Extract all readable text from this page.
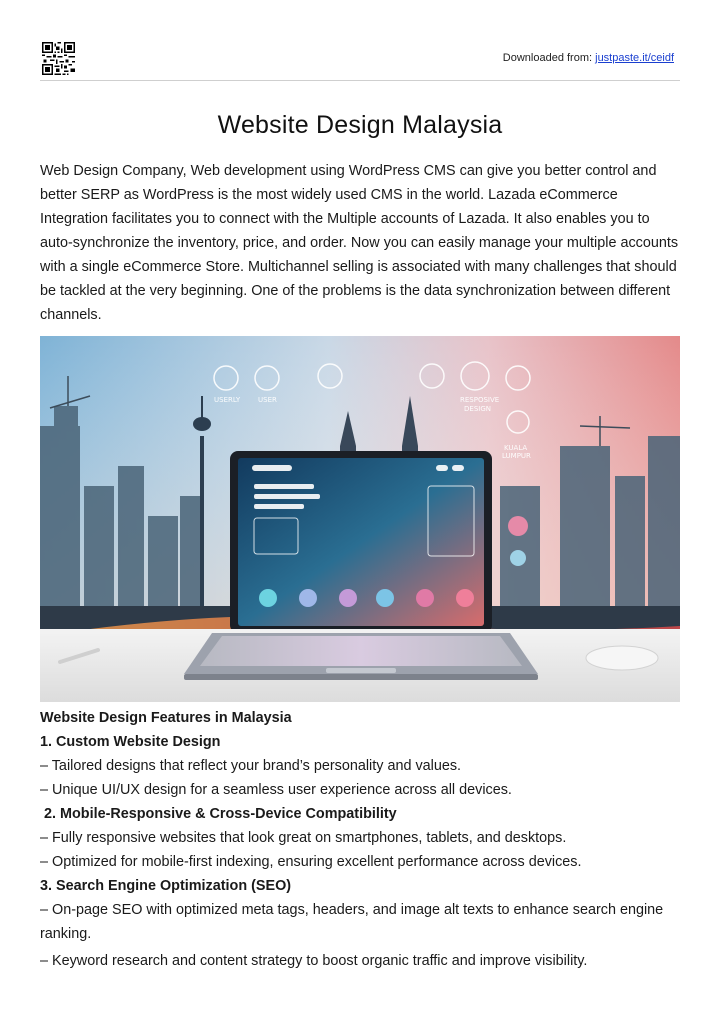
Downloaded from: justpaste.it/ceidf
Website Design Malaysia

Web Design Company, Web development using WordPress CMS can give you better control and better SERP as WordPress is the most widely used CMS in the world. Lazada eCommerce Integration facilitates you to connect with the Multiple accounts of Lazada. It also enables you to auto-synchronize the inventory, price, and order. Now you can easily manage your multiple accounts with a single eCommerce Store. Multichannel selling is associated with many challenges that should be tackled at the very beginning. One of the problems is the data synchronization between different channels.

USERLY	USER	RESPOSIVE
DESIGN
KUALA
LUMPUR
Website Design Features in Malaysia
1. Custom Website Design
– Tailored designs that reflect your brand’s personality and values.
– Unique UI/UX design for a seamless user experience across all devices.
2. Mobile-Responsive & Cross-Device Compatibility
– Fully responsive websites that look great on smartphones, tablets, and desktops.
– Optimized for mobile-first indexing, ensuring excellent performance across devices.
3. Search Engine Optimization (SEO)
– On-page SEO with optimized meta tags, headers, and image alt texts to enhance search engine ranking.
– Keyword research and content strategy to boost organic traffic and improve visibility.
